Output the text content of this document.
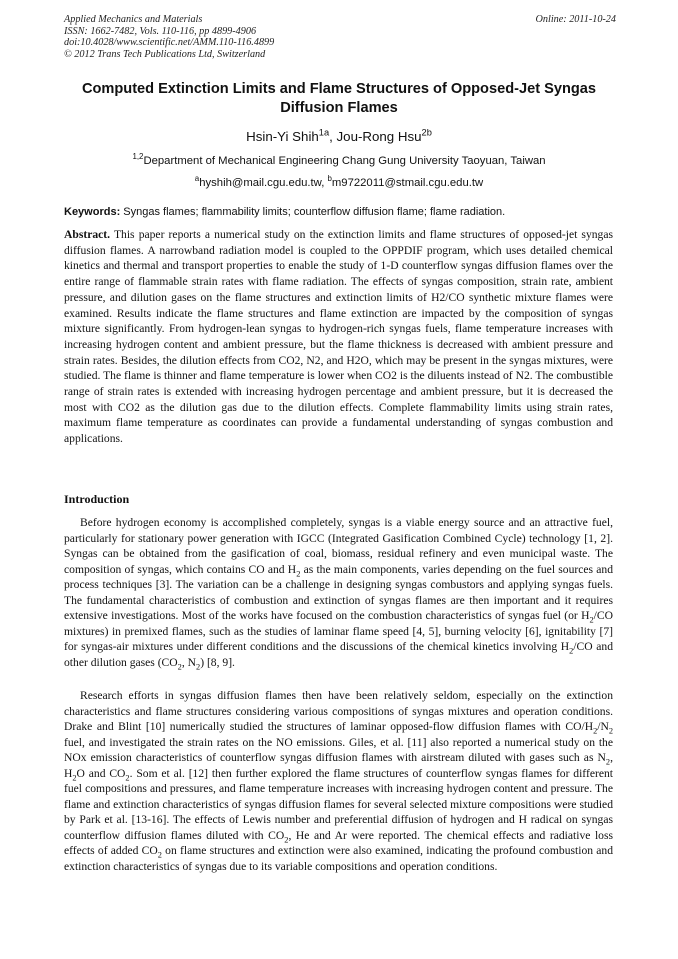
Applied Mechanics and Materials
ISSN: 1662-7482, Vols. 110-116, pp 4899-4906
doi:10.4028/www.scientific.net/AMM.110-116.4899
© 2012 Trans Tech Publications Ltd, Switzerland
Online: 2011-10-24
Computed Extinction Limits and Flame Structures of Opposed-Jet Syngas Diffusion Flames
Hsin-Yi Shih$^{1a}$, Jou-Rong Hsu$^{2b}$
$^{1,2}$Department of Mechanical Engineering Chang Gung University Taoyuan, Taiwan
$^a$hyshih@mail.cgu.edu.tw, $^b$m9722011@stmail.cgu.edu.tw
Keywords: Syngas flames; flammability limits; counterflow diffusion flame; flame radiation.
Abstract. This paper reports a numerical study on the extinction limits and flame structures of opposed-jet syngas diffusion flames. A narrowband radiation model is coupled to the OPPDIF program, which uses detailed chemical kinetics and thermal and transport properties to enable the study of 1-D counterflow syngas diffusion flames over the entire range of flammable strain rates with flame radiation. The effects of syngas composition, strain rate, ambient pressure, and dilution gases on the flame structures and extinction limits of H2/CO synthetic mixture flames were examined. Results indicate the flame structures and flame extinction are impacted by the composition of syngas mixture significantly. From hydrogen-lean syngas to hydrogen-rich syngas fuels, flame temperature increases with increasing hydrogen content and ambient pressure, but the flame thickness is decreased with ambient pressure and strain rates. Besides, the dilution effects from CO2, N2, and H2O, which may be present in the syngas mixtures, were studied. The flame is thinner and flame temperature is lower when CO2 is the diluents instead of N2. The combustible range of strain rates is extended with increasing hydrogen percentage and ambient pressure, but it is decreased the most with CO2 as the dilution gas due to the dilution effects. Complete flammability limits using strain rates, maximum flame temperature as coordinates can provide a fundamental understanding of syngas combustion and applications.
Introduction

Before hydrogen economy is accomplished completely, syngas is a viable energy source and an attractive fuel, particularly for stationary power generation with IGCC (Integrated Gasification Combined Cycle) technology [1, 2]. Syngas can be obtained from the gasification of coal, biomass, residual refinery and even municipal waste. The composition of syngas, which contains CO and $H_2$ as the main components, varies depending on the fuel sources and process techniques [3]. The variation can be a challenge in designing syngas combustors and applying syngas fuels. The fundamental characteristics of combustion and extinction of syngas flames are then important and it requires extensive investigations. Most of the works have focused on the combustion characteristics of syngas fuel (or $H_2/CO$ mixtures) in premixed flames, such as the studies of laminar flame speed [4, 5], burning velocity [6], ignitability [7] for syngas-air mixtures under different conditions and the discussions of the chemical kinetics involving $H_2/CO$ and other dilution gases ($CO_2$, $N_2$) [8, 9].

Research efforts in syngas diffusion flames then have been relatively seldom, especially on the extinction characteristics and flame structures considering various compositions of syngas mixtures and operation conditions. Drake and Blint [10] numerically studied the structures of laminar opposed-flow diffusion flames with $CO/H_2/N_2$ fuel, and investigated the strain rates on the NO emissions. Giles, et al. [11] also reported a numerical study on the NOx emission characteristics of counterflow syngas diffusion flames with airstream diluted with gases such as $N_2$, $H_2O$ and $CO_2$. Som et al. [12] then further explored the flame structures of counterflow syngas flames for different fuel compositions and pressures, and flame temperature increases with increasing hydrogen content and pressure. The flame and extinction characteristics of syngas diffusion flames for several selected mixture compositions were studied by Park et al. [13-16]. The effects of Lewis number and preferential diffusion of hydrogen and H radical on syngas counterflow diffusion flames diluted with $CO_2$, He and Ar were reported. The chemical effects and radiative loss effects of added $CO_2$ on flame structures and extinction were also examined, indicating the profound combustion and extinction characteristics of syngas due to its variable compositions and operation conditions.
